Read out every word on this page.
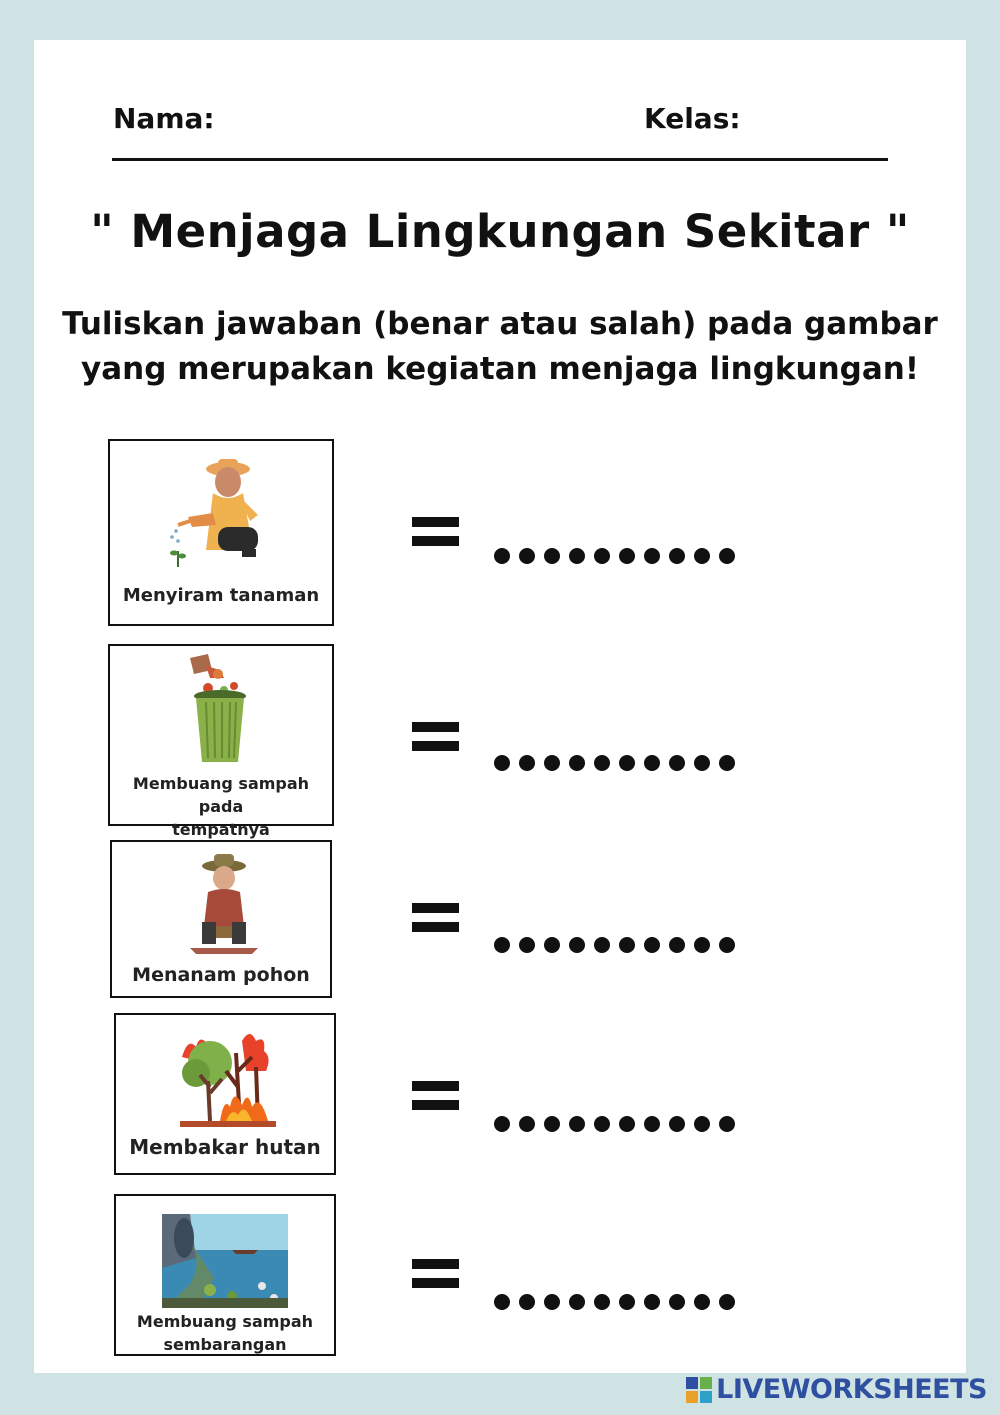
Nama:	Kelas:
" Menjaga Lingkungan Sekitar "
Tuliskan jawaban (benar atau salah) pada gambar
yang merupakan kegiatan menjaga lingkungan!
Menyiram tanaman
Membuang sampah pada
tempatnya
Menanam pohon
Membakar hutan
Membuang sampah
sembarangan
LIVEWORKSHEETS
